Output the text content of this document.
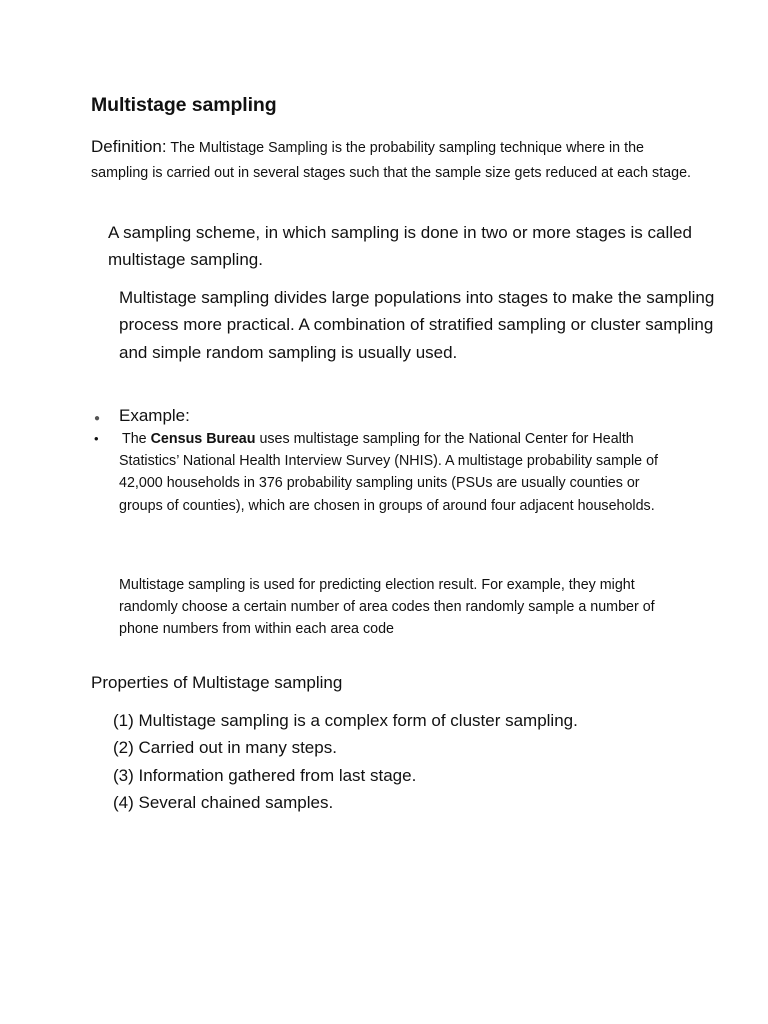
Multistage sampling
Definition: The Multistage Sampling is the probability sampling technique where in the sampling is carried out in several stages such that the sample size gets reduced at each stage.
A sampling scheme, in which sampling is done in two or more stages is called multistage sampling.
Multistage sampling divides large populations into stages to make the sampling process more practical. A combination of stratified sampling or cluster sampling and simple random sampling is usually used.
● Example:
• The Census Bureau uses multistage sampling for the National Center for Health Statistics’ National Health Interview Survey (NHIS). A multistage probability sample of 42,000 households in 376 probability sampling units (PSUs are usually counties or groups of counties), which are chosen in groups of around four adjacent households.
Multistage sampling is used for predicting election result. For example, they might randomly choose a certain number of area codes then randomly sample a number of phone numbers from within each area code
Properties of Multistage sampling
(1) Multistage sampling is a complex form of cluster sampling.
(2) Carried out in many steps.
(3) Information gathered from last stage.
(4) Several chained samples.
